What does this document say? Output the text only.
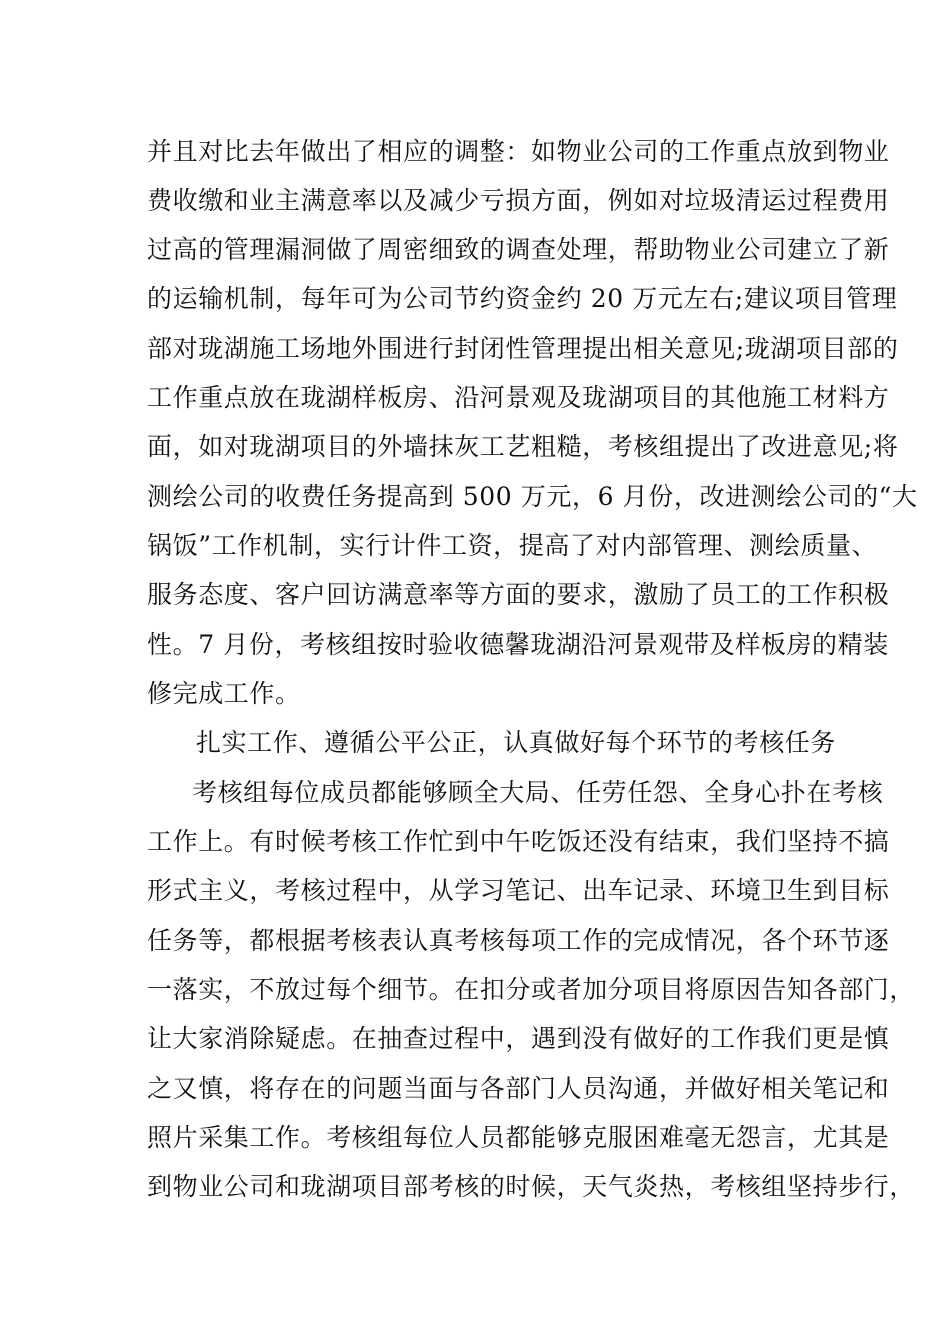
并且对比去年做出了相应的调整：如物业公司的工作重点放到物业
费收缴和业主满意率以及减少亏损方面，例如对垃圾清运过程费用
过高的管理漏洞做了周密细致的调查处理，帮助物业公司建立了新
的运输机制，每年可为公司节约资金约 20 万元左右;建议项目管理
部对珑湖施工场地外围进行封闭性管理提出相关意见;珑湖项目部的
工作重点放在珑湖样板房、沿河景观及珑湖项目的其他施工材料方
面，如对珑湖项目的外墙抹灰工艺粗糙，考核组提出了改进意见;将
测绘公司的收费任务提高到 500 万元，6 月份，改进测绘公司的“大
锅饭”工作机制，实行计件工资，提高了对内部管理、测绘质量、
服务态度、客户回访满意率等方面的要求，激励了员工的工作积极
性。7 月份，考核组按时验收德馨珑湖沿河景观带及样板房的精装
修完成工作。
扎实工作、遵循公平公正，认真做好每个环节的考核任务
考核组每位成员都能够顾全大局、任劳任怨、全身心扑在考核
工作上。有时候考核工作忙到中午吃饭还没有结束，我们坚持不搞
形式主义，考核过程中，从学习笔记、出车记录、环境卫生到目标
任务等，都根据考核表认真考核每项工作的完成情况，各个环节逐
一落实，不放过每个细节。在扣分或者加分项目将原因告知各部门，
让大家消除疑虑。在抽查过程中，遇到没有做好的工作我们更是慎
之又慎，将存在的问题当面与各部门人员沟通，并做好相关笔记和
照片采集工作。考核组每位人员都能够克服困难毫无怨言，尤其是
到物业公司和珑湖项目部考核的时候，天气炎热，考核组坚持步行，
